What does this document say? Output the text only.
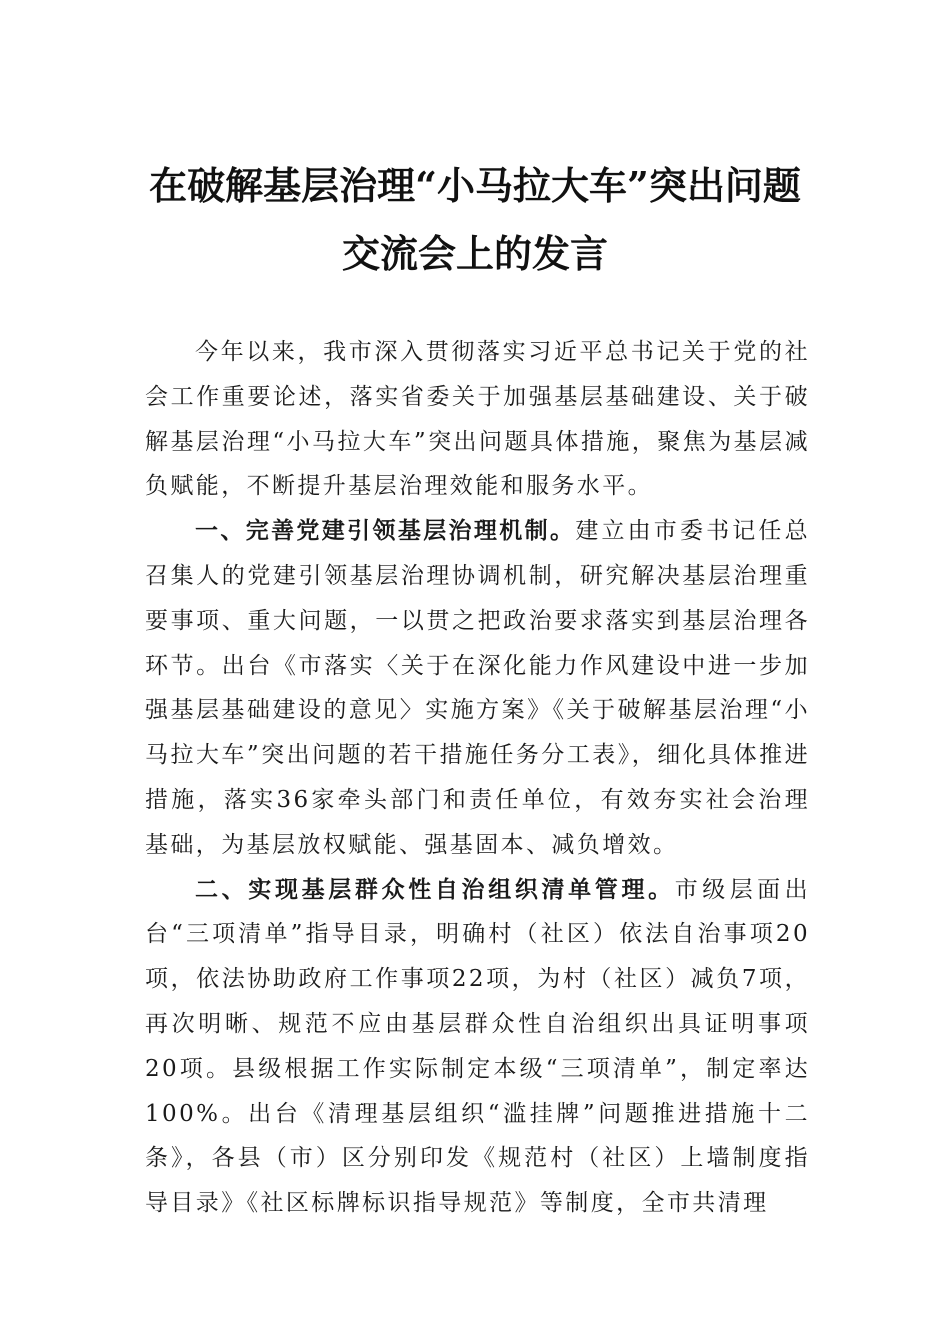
在破解基层治理“小马拉大车”突出问题
交流会上的发言

今年以来，我市深入贯彻落实习近平总书记关于党的社会工作重要论述，落实省委关于加强基层基础建设、关于破解基层治理“小马拉大车”突出问题具体措施，聚焦为基层减负赋能，不断提升基层治理效能和服务水平。

一、完善党建引领基层治理机制。建立由市委书记任总召集人的党建引领基层治理协调机制，研究解决基层治理重要事项、重大问题，一以贯之把政治要求落实到基层治理各环节。出台《市落实〈关于在深化能力作风建设中进一步加强基层基础建设的意见〉实施方案》《关于破解基层治理“小马拉大车”突出问题的若干措施任务分工表》，细化具体推进措施，落实36家牵头部门和责任单位，有效夯实社会治理基础，为基层放权赋能、强基固本、减负增效。

二、实现基层群众性自治组织清单管理。市级层面出台“三项清单”指导目录，明确村（社区）依法自治事项20项，依法协助政府工作事项22项，为村（社区）减负7项，再次明晰、规范不应由基层群众性自治组织出具证明事项20项。县级根据工作实际制定本级“三项清单”，制定率达100%。出台《清理基层组织“滥挂牌”问题推进措施十二条》，各县（市）区分别印发《规范村（社区）上墙制度指导目录》《社区标牌标识指导规范》等制度，全市共清理
